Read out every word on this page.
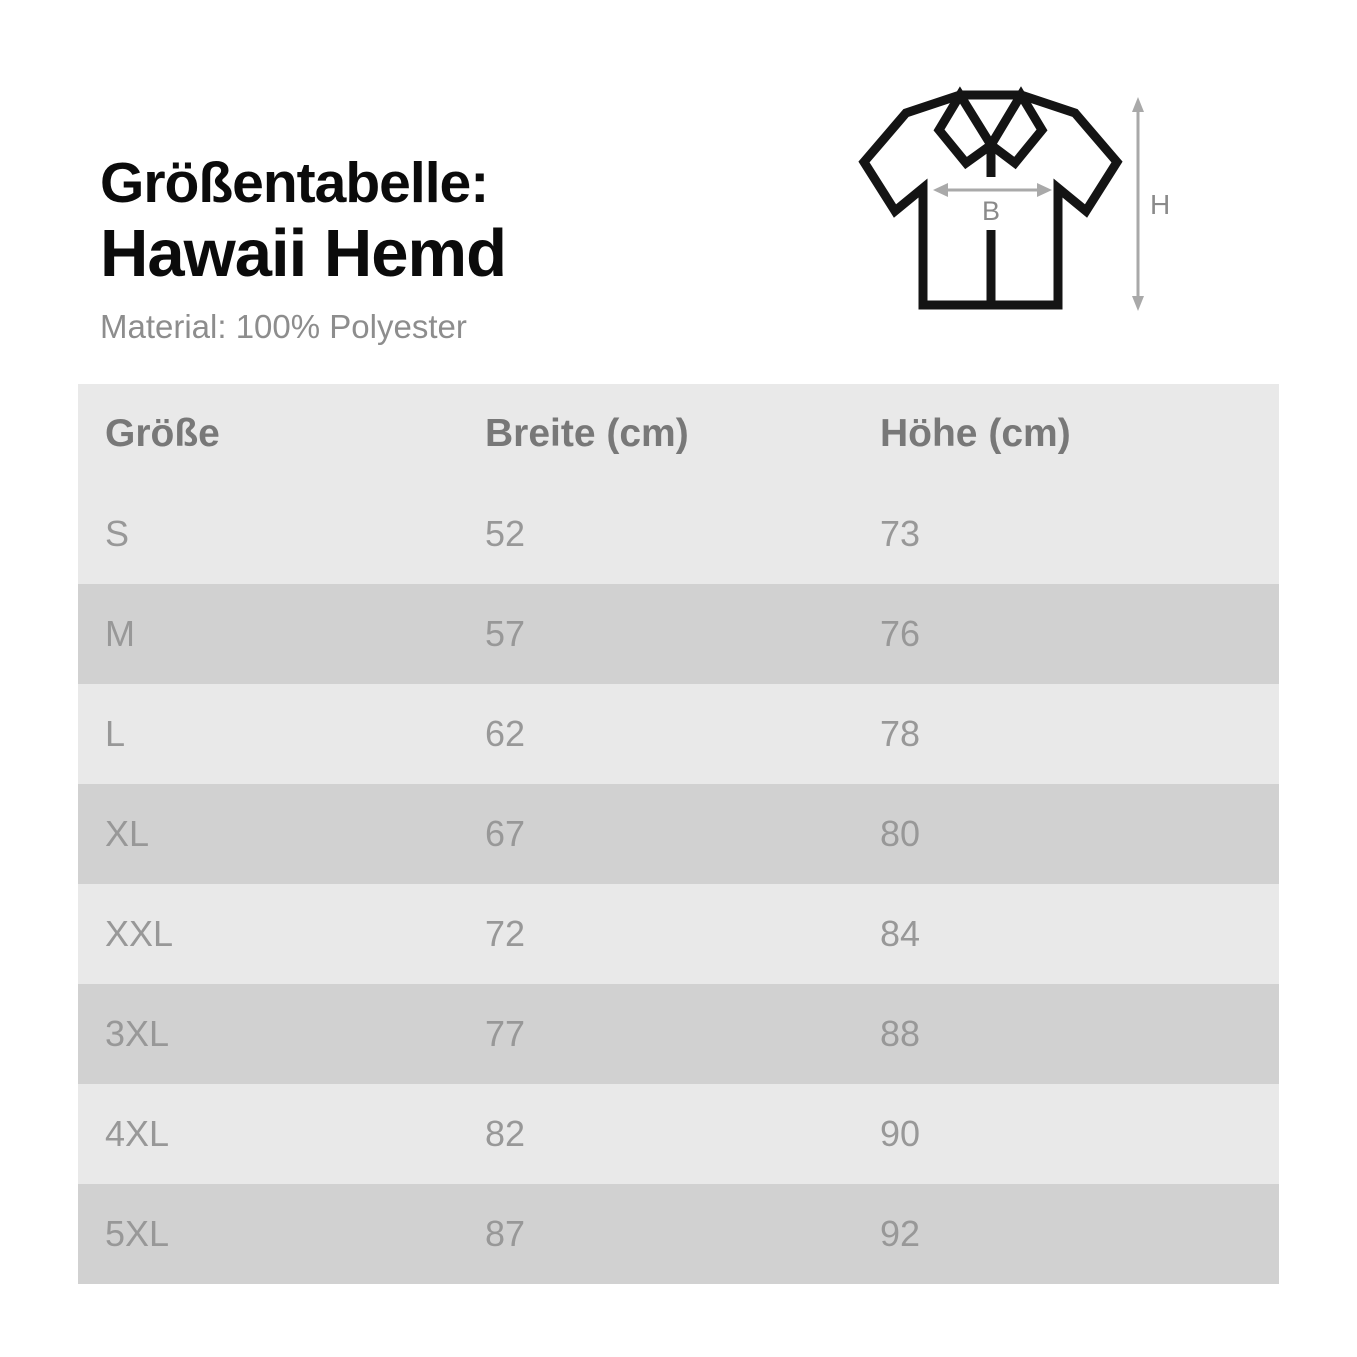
Größentabelle:
Hawaii Hemd
Material: 100% Polyester
B	H
Größe	Breite (cm)	Höhe (cm)
S	52	73
M	57	76
L	62	78
XL	67	80
XXL	72	84
3XL	77	88
4XL	82	90
5XL	87	92
